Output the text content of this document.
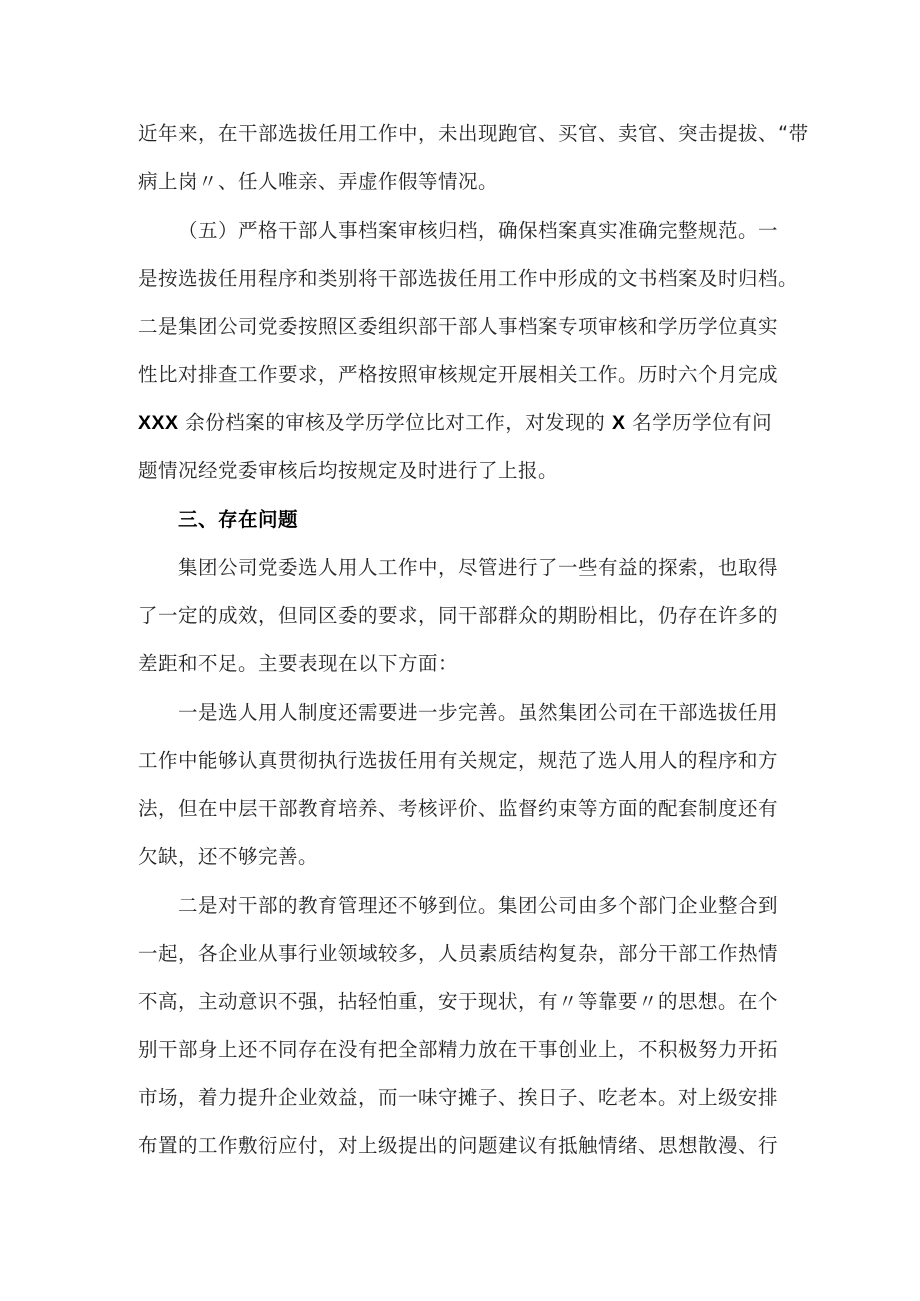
近年来，在干部选拔任用工作中，未出现跑官、买官、卖官、突击提拔、“带
病上岗〃、任人唯亲、弄虚作假等情况。
（五）严格干部人事档案审核归档，确保档案真实准确完整规范。一
是按选拔任用程序和类别将干部选拔任用工作中形成的文书档案及时归档。
二是集团公司党委按照区委组织部干部人事档案专项审核和学历学位真实
性比对排查工作要求，严格按照审核规定开展相关工作。历时六个月完成
XXX 余份档案的审核及学历学位比对工作，对发现的 X 名学历学位有问
题情况经党委审核后均按规定及时进行了上报。
三、存在问题
集团公司党委选人用人工作中，尽管进行了一些有益的探索，也取得
了一定的成效，但同区委的要求，同干部群众的期盼相比，仍存在许多的
差距和不足。主要表现在以下方面：
一是选人用人制度还需要进一步完善。虽然集团公司在干部选拔任用
工作中能够认真贯彻执行选拔任用有关规定，规范了选人用人的程序和方
法，但在中层干部教育培养、考核评价、监督约束等方面的配套制度还有
欠缺，还不够完善。
二是对干部的教育管理还不够到位。集团公司由多个部门企业整合到
一起，各企业从事行业领域较多，人员素质结构复杂，部分干部工作热情
不高，主动意识不强，拈轻怕重，安于现状，有〃等靠要〃的思想。在个
别干部身上还不同存在没有把全部精力放在干事创业上，不积极努力开拓
市场，着力提升企业效益，而一味守摊子、挨日子、吃老本。对上级安排
布置的工作敷衍应付，对上级提出的问题建议有抵触情绪、思想散漫、行
